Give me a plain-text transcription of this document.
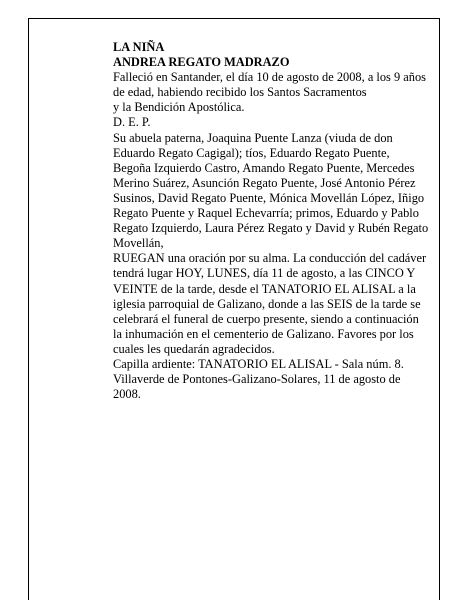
LA NIÑA

ANDREA REGATO MADRAZO

Falleció en Santander, el día 10 de agosto de 2008, a los 9 años de edad, habiendo recibido los Santos Sacramentos

y la Bendición Apostólica.

D. E. P.

Su abuela paterna, Joaquina Puente Lanza (viuda de don Eduardo Regato Cagigal); tíos, Eduardo Regato Puente, Begoña Izquierdo Castro, Amando Regato Puente, Mercedes Merino Suárez, Asunción Regato Puente, José Antonio Pérez Susinos, David Regato Puente, Mónica Movellán López, Iñigo Regato Puente y Raquel Echevarría; primos, Eduardo y Pablo Regato Izquierdo, Laura Pérez Regato y David y Rubén Regato Movellán,

RUEGAN una oración por su alma. La conducción del cadáver tendrá lugar HOY, LUNES, día 11 de agosto, a las CINCO Y VEINTE de la tarde, desde el TANATORIO EL ALISAL a la iglesia parroquial de Galizano, donde a las SEIS de la tarde se celebrará el funeral de cuerpo presente, siendo a continuación la inhumación en el cementerio de Galizano. Favores por los cuales les quedarán agradecidos.

Capilla ardiente: TANATORIO EL ALISAL - Sala núm. 8.

Villaverde de Pontones-Galizano-Solares, 11 de agosto de 2008.
